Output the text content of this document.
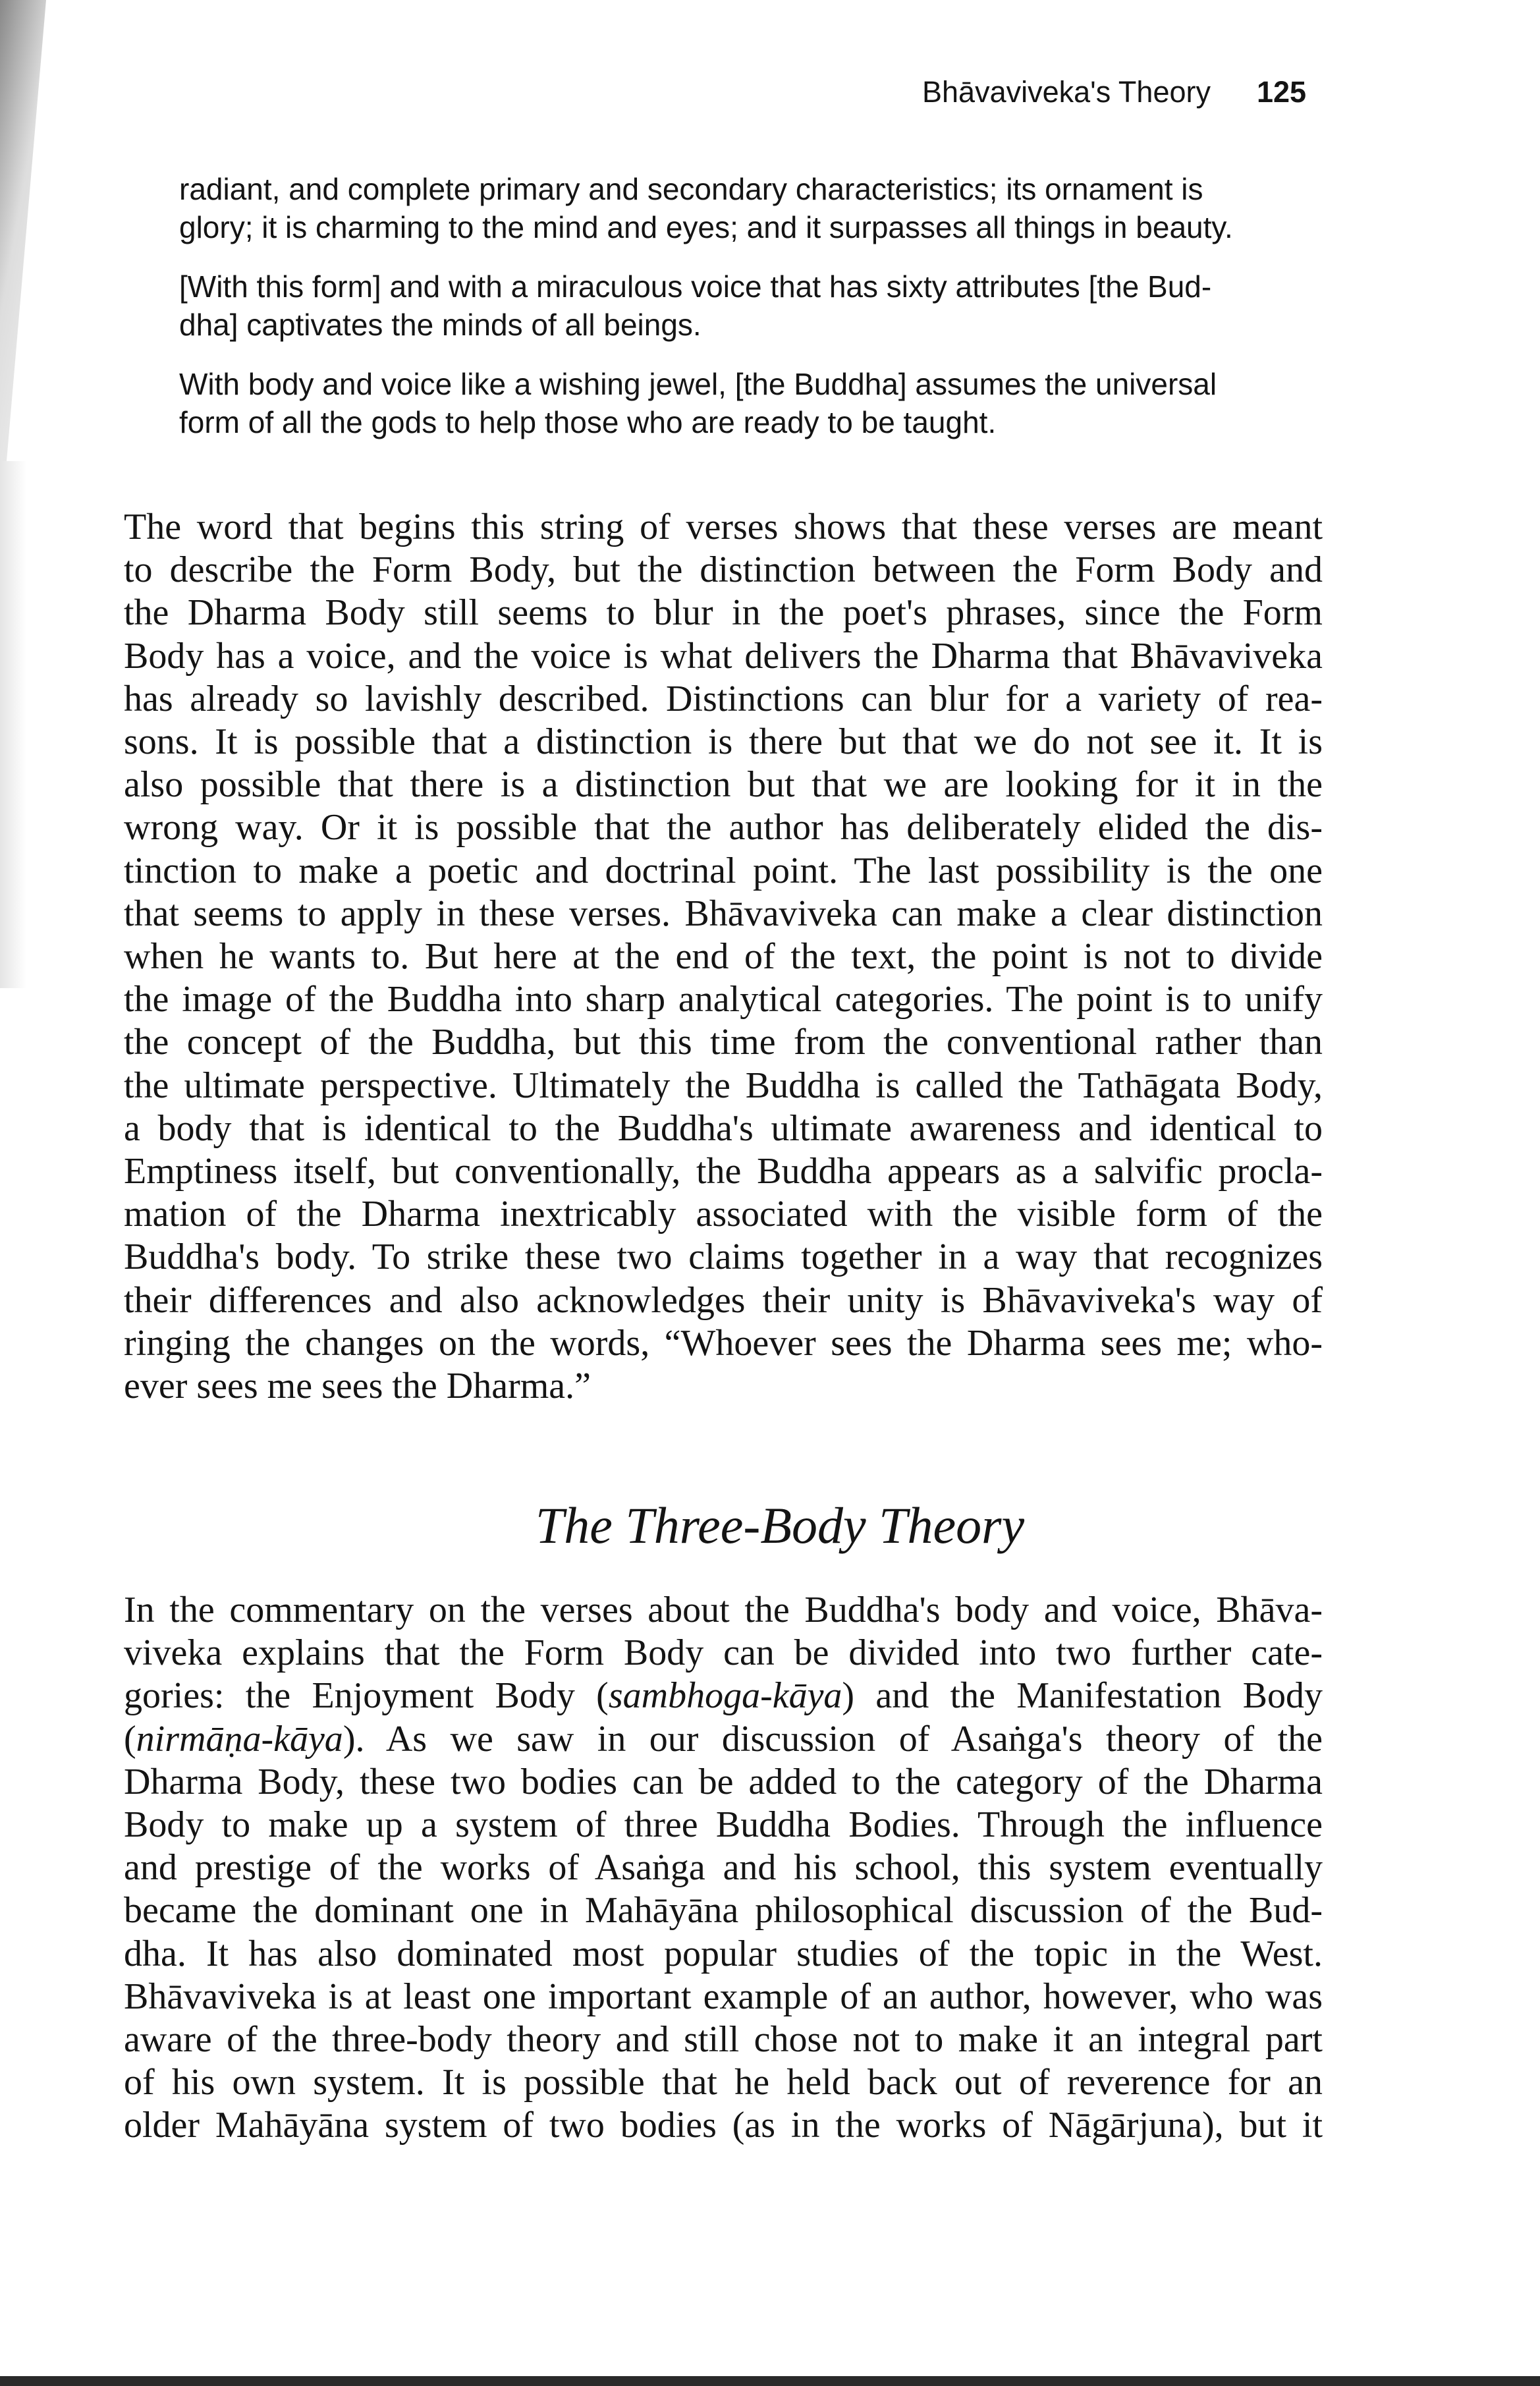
Bhāvaviveka's Theory 125

radiant, and complete primary and secondary characteristics; its ornament is
glory; it is charming to the mind and eyes; and it surpasses all things in beauty.

[With this form] and with a miraculous voice that has sixty attributes [the Bud-
dha] captivates the minds of all beings.

With body and voice like a wishing jewel, [the Buddha] assumes the universal
form of all the gods to help those who are ready to be taught.

The word that begins this string of verses shows that these verses are meant
to describe the Form Body, but the distinction between the Form Body and
the Dharma Body still seems to blur in the poet's phrases, since the Form
Body has a voice, and the voice is what delivers the Dharma that Bhāvaviveka
has already so lavishly described. Distinctions can blur for a variety of rea-
sons. It is possible that a distinction is there but that we do not see it. It is
also possible that there is a distinction but that we are looking for it in the
wrong way. Or it is possible that the author has deliberately elided the dis-
tinction to make a poetic and doctrinal point. The last possibility is the one
that seems to apply in these verses. Bhāvaviveka can make a clear distinction
when he wants to. But here at the end of the text, the point is not to divide
the image of the Buddha into sharp analytical categories. The point is to unify
the concept of the Buddha, but this time from the conventional rather than
the ultimate perspective. Ultimately the Buddha is called the Tathāgata Body,
a body that is identical to the Buddha's ultimate awareness and identical to
Emptiness itself, but conventionally, the Buddha appears as a salvific procla-
mation of the Dharma inextricably associated with the visible form of the
Buddha's body. To strike these two claims together in a way that recognizes
their differences and also acknowledges their unity is Bhāvaviveka's way of
ringing the changes on the words, “Whoever sees the Dharma sees me; who-
ever sees me sees the Dharma.”
The Three-Body Theory
In the commentary on the verses about the Buddha's body and voice, Bhāva-
viveka explains that the Form Body can be divided into two further cate-
gories: the Enjoyment Body (sambhoga-kāya) and the Manifestation Body
(nirmāṇa-kāya). As we saw in our discussion of Asaṅga's theory of the
Dharma Body, these two bodies can be added to the category of the Dharma
Body to make up a system of three Buddha Bodies. Through the influence
and prestige of the works of Asaṅga and his school, this system eventually
became the dominant one in Mahāyāna philosophical discussion of the Bud-
dha. It has also dominated most popular studies of the topic in the West.
Bhāvaviveka is at least one important example of an author, however, who was
aware of the three-body theory and still chose not to make it an integral part
of his own system. It is possible that he held back out of reverence for an
older Mahāyāna system of two bodies (as in the works of Nāgārjuna), but it
